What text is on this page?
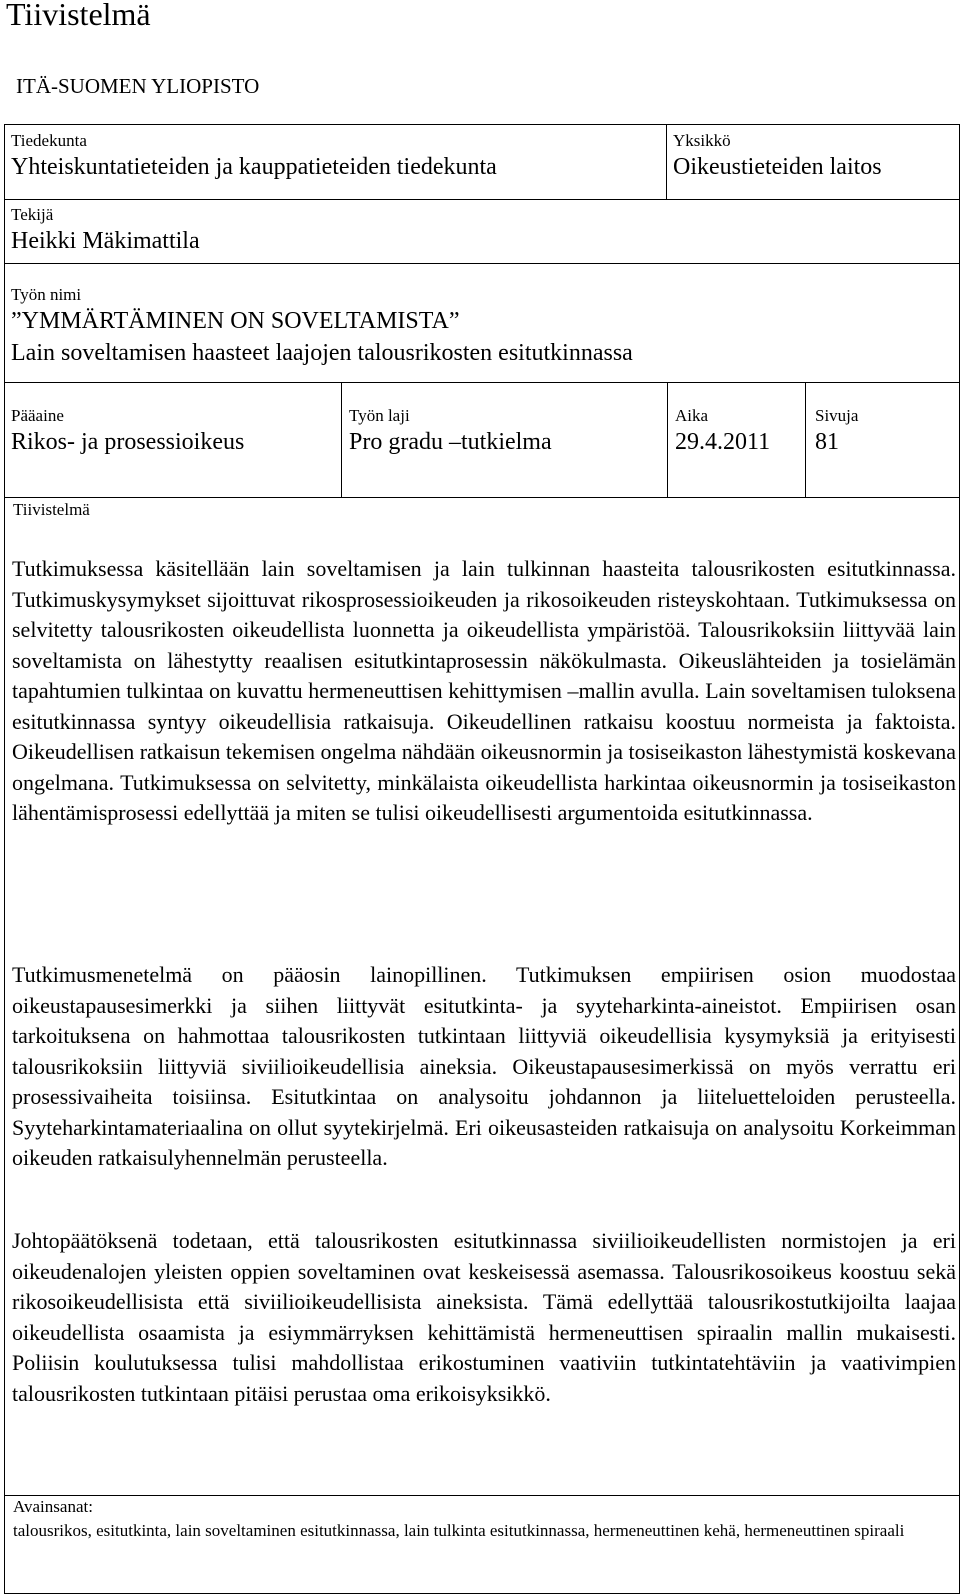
Tiivistelmä
ITÄ-SUOMEN YLIOPISTO
Tiedekunta
Yhteiskuntatieteiden ja kauppatieteiden tiedekunta
Yksikkö
Oikeustieteiden laitos
Tekijä
Heikki Mäkimattila
Työn nimi
”YMMÄRTÄMINEN ON SOVELTAMISTA”
Lain soveltamisen haasteet laajojen talousrikosten esitutkinnassa
Pääaine
Rikos- ja prosessioikeus
Työn laji
Pro gradu –tutkielma
Aika
29.4.2011
Sivuja
81
Tiivistelmä

Tutkimuksessa käsitellään lain soveltamisen ja lain tulkinnan haasteita talousrikosten esitutkinnassa. Tutkimuskysymykset sijoittuvat rikosprosessioikeuden ja rikosoikeuden risteyskohtaan. Tutkimuksessa on selvitetty talousrikosten oikeudellista luonnetta ja oikeudellista ympäristöä. Talousrikoksiin liittyvää lain soveltamista on lähestytty reaalisen esitutkintaprosessin näkökulmasta. Oikeuslähteiden ja tosielämän tapahtumien tulkintaa on kuvattu hermeneuttisen kehittymisen –mallin avulla. Lain soveltamisen tuloksena esitutkinnassa syntyy oikeudellisia ratkaisuja. Oikeudellinen ratkaisu koostuu normeista ja faktoista. Oikeudellisen ratkaisun tekemisen ongelma nähdään oikeusnormin ja tosiseikaston lähestymistä koskevana ongelmana. Tutkimuksessa on selvitetty, minkälaista oikeudellista harkintaa oikeusnormin ja tosiseikaston lähentämisprosessi edellyttää ja miten se tulisi oikeudellisesti argumentoida esitutkinnassa.

Tutkimusmenetelmä on pääosin lainopillinen. Tutkimuksen empiirisen osion muodostaa oikeustapausesimerkki ja siihen liittyvät esitutkinta- ja syyteharkinta-aineistot. Empiirisen osan tarkoituksena on hahmottaa talousrikosten tutkintaan liittyviä oikeudellisia kysymyksiä ja erityisesti talousrikoksiin liittyviä siviilioikeudellisia aineksia. Oikeustapausesimerkissä on myös verrattu eri prosessivaiheita toisiinsa. Esitutkintaa on analysoitu johdannon ja liiteluetteloiden perusteella. Syyteharkintamateriaalina on ollut syytekirjelmä. Eri oikeusasteiden ratkaisuja on analysoitu Korkeimman oikeuden ratkaisulyhennelmän perusteella.

Johtopäätöksenä todetaan, että talousrikosten esitutkinnassa siviilioikeudellisten normistojen ja eri oikeudenalojen yleisten oppien soveltaminen ovat keskeisessä asemassa. Talousrikosoikeus koostuu sekä rikosoikeudellisista että siviilioikeudellisista aineksista. Tämä edellyttää talousrikostutkijoilta laajaa oikeudellista osaamista ja esiymmärryksen kehittämistä hermeneuttisen spiraalin mallin mukaisesti. Poliisin koulutuksessa tulisi mahdollistaa erikostuminen vaativiin tutkintatehtäviin ja vaativimpien talousrikosten tutkintaan pitäisi perustaa oma erikoisyksikkö.

Avainsanat:

talousrikos, esitutkinta, lain soveltaminen esitutkinnassa, lain tulkinta esitutkinnassa, hermeneuttinen kehä, hermeneuttinen spiraali
